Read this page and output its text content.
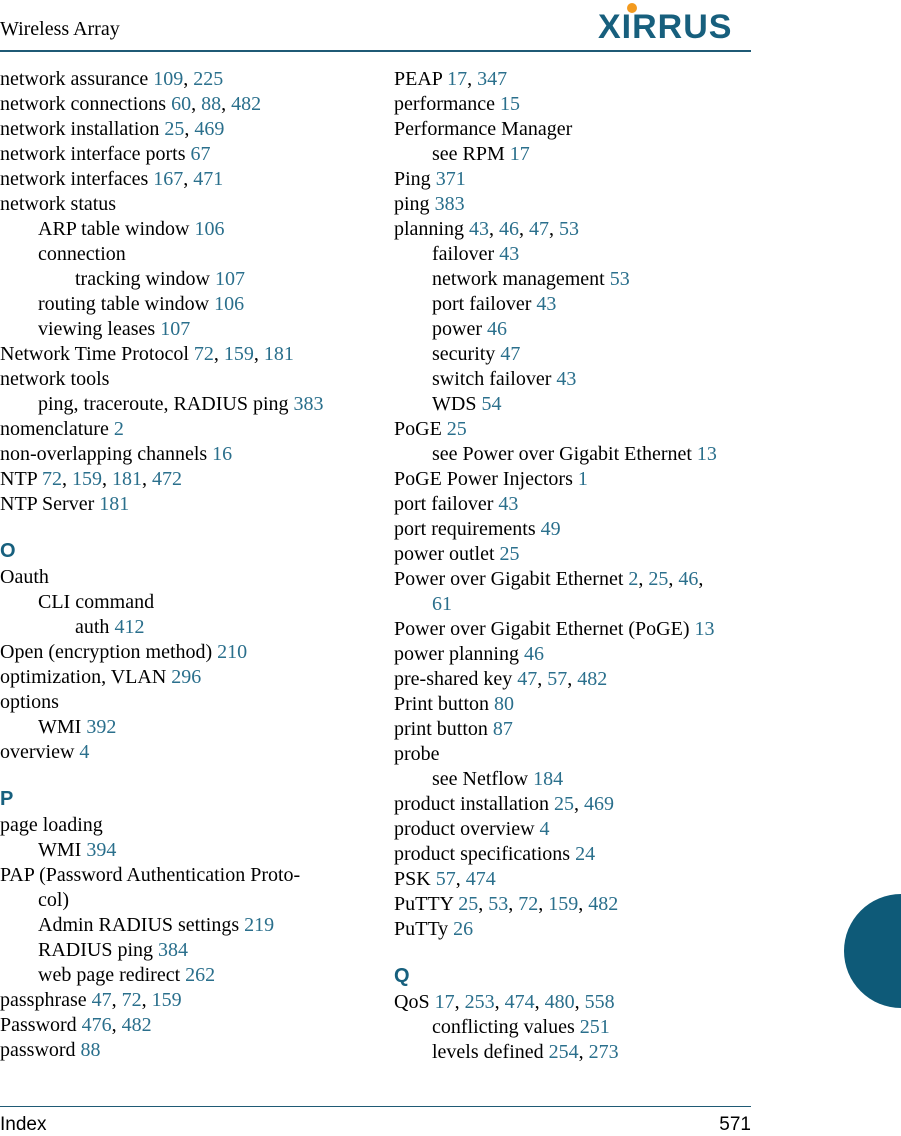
Wireless Array	XIRRUS
network assurance 109, 225
network connections 60, 88, 482
network installation 25, 469
network interface ports 67
network interfaces 167, 471
network status
ARP table window 106
connection
tracking window 107
routing table window 106
viewing leases 107
Network Time Protocol 72, 159, 181
network tools
ping, traceroute, RADIUS ping 383
nomenclature 2
non-overlapping channels 16
NTP 72, 159, 181, 472
NTP Server 181
O
Oauth
CLI command
auth 412
Open (encryption method) 210
optimization, VLAN 296
options
WMI 392
overview 4
P
page loading
WMI 394
PAP (Password Authentication Proto-
col)
Admin RADIUS settings 219
RADIUS ping 384
web page redirect 262
passphrase 47, 72, 159
Password 476, 482
password 88
PEAP 17, 347
performance 15
Performance Manager
see RPM 17
Ping 371
ping 383
planning 43, 46, 47, 53
failover 43
network management 53
port failover 43
power 46
security 47
switch failover 43
WDS 54
PoGE 25
see Power over Gigabit Ethernet 13
PoGE Power Injectors 1
port failover 43
port requirements 49
power outlet 25
Power over Gigabit Ethernet 2, 25, 46,
61
Power over Gigabit Ethernet (PoGE) 13
power planning 46
pre-shared key 47, 57, 482
Print button 80
print button 87
probe
see Netflow 184
product installation 25, 469
product overview 4
product specifications 24
PSK 57, 474
PuTTY 25, 53, 72, 159, 482
PuTTy 26
Q
QoS 17, 253, 474, 480, 558
conflicting values 251
levels defined 254, 273
Index	571
